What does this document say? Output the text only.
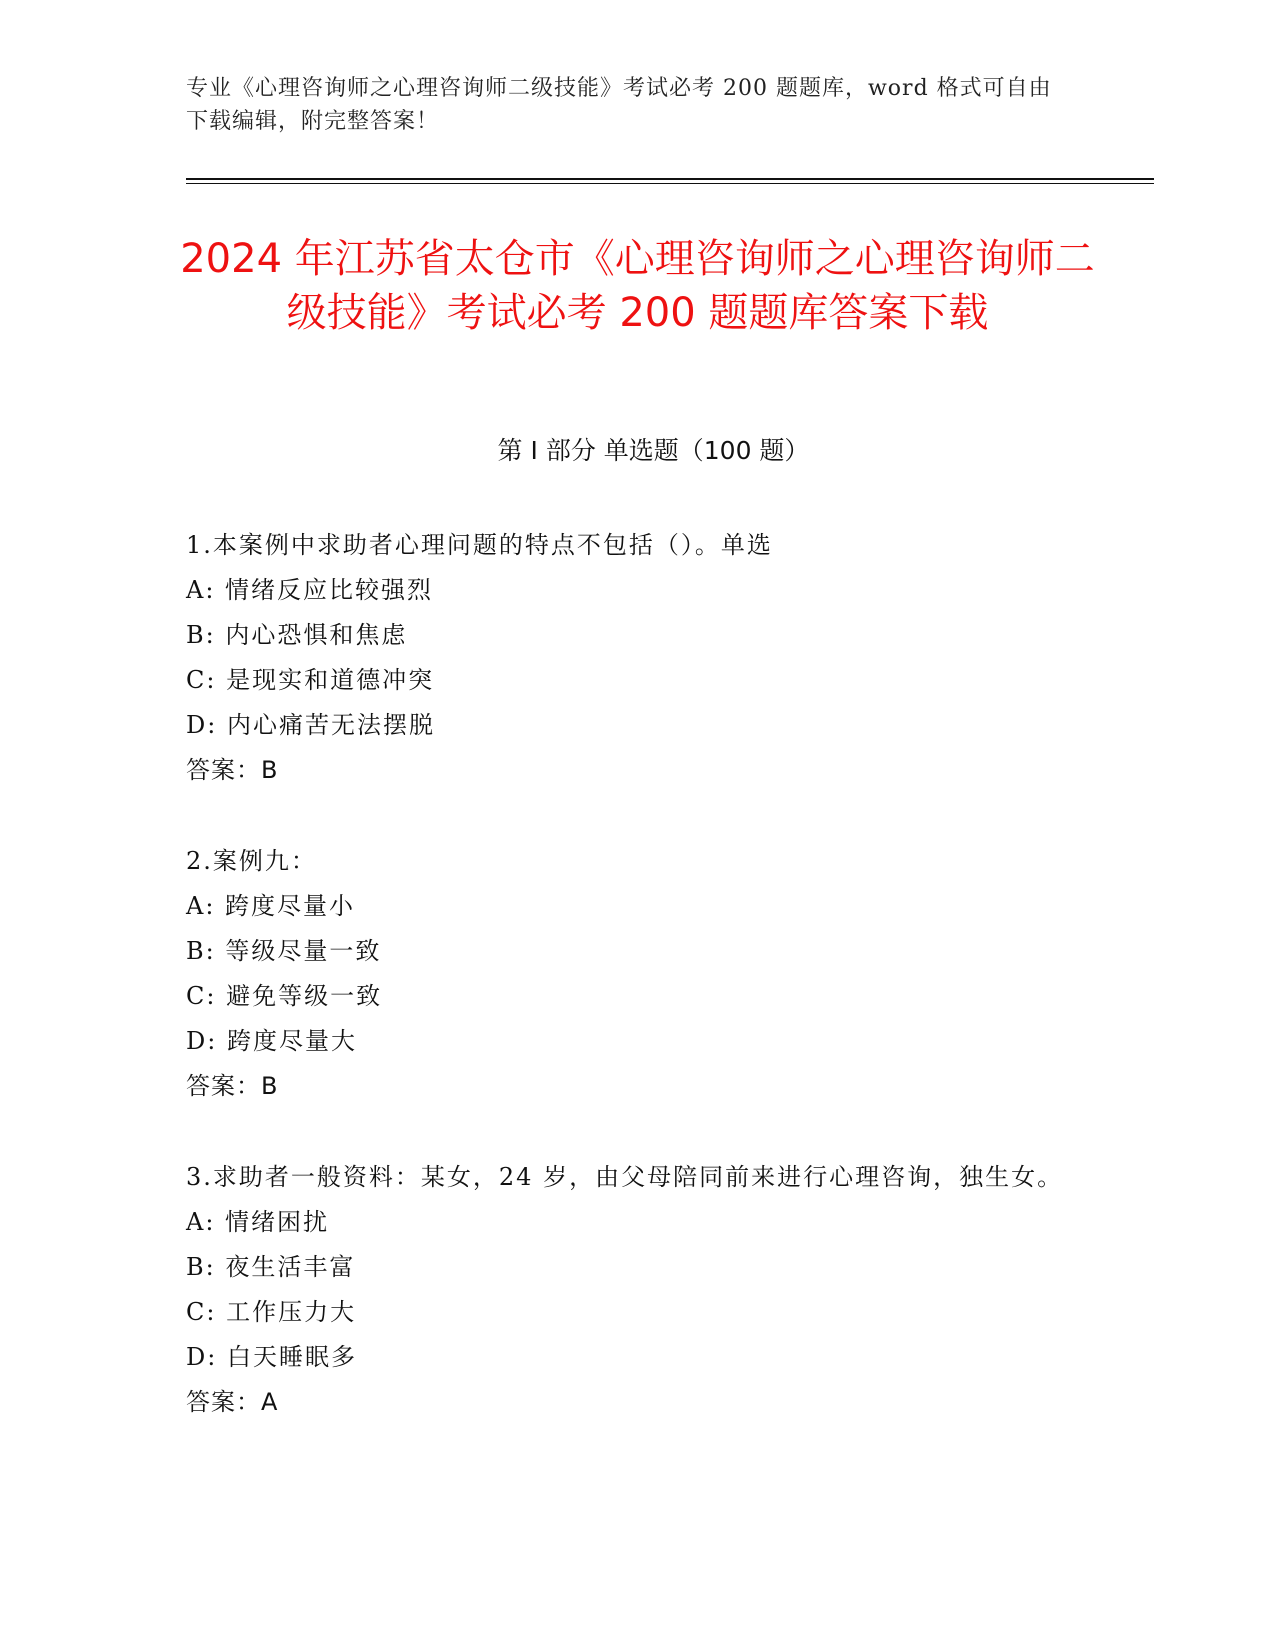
专业《心理咨询师之心理咨询师二级技能》考试必考 200 题题库，word 格式可自由下载编辑，附完整答案！
2024 年江苏省太仓市《心理咨询师之心理咨询师二级技能》考试必考 200 题题库答案下载
第 I 部分 单选题（100 题）
1.本案例中求助者心理问题的特点不包括（）。单选
A: 情绪反应比较强烈
B: 内心恐惧和焦虑
C: 是现实和道德冲突
D: 内心痛苦无法摆脱
答案：B
2.案例九：
A: 跨度尽量小
B: 等级尽量一致
C: 避免等级一致
D: 跨度尽量大
答案：B
3.求助者一般资料：某女，24 岁，由父母陪同前来进行心理咨询，独生女。
A: 情绪困扰
B: 夜生活丰富
C: 工作压力大
D: 白天睡眠多
答案：A
